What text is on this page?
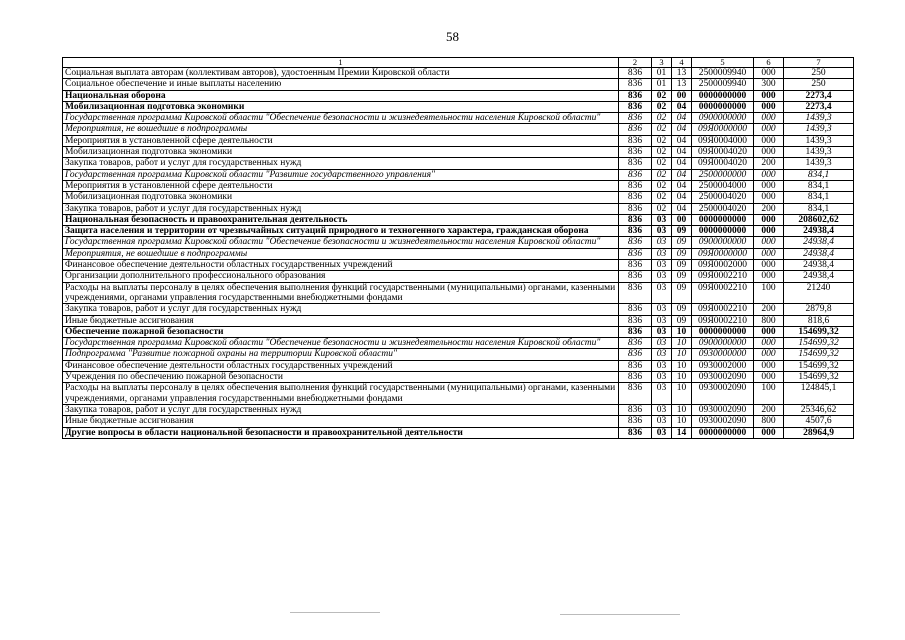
58
1	2	3	4	5	6	7
Социальная выплата авторам (коллективам авторов), удостоенным Премии Кировской области	836	01	13	2500009940	000	250
Социальное обеспечение и иные выплаты населению	836	01	13	2500009940	300	250
Национальная оборона	836	02	00	0000000000	000	2273,4
Мобилизационная подготовка экономики	836	02	04	0000000000	000	2273,4
Государственная программа Кировской области "Обеспечение безопасности и жизнедеятельности населения Кировской области"	836	02	04	0900000000	000	1439,3
Мероприятия, не вошедшие в подпрограммы	836	02	04	09Я0000000	000	1439,3
Мероприятия в установленной сфере деятельности	836	02	04	09Я0004000	000	1439,3
Мобилизационная подготовка экономики	836	02	04	09Я0004020	000	1439,3
Закупка товаров, работ и услуг для государственных нужд	836	02	04	09Я0004020	200	1439,3
Государственная программа Кировской области "Развитие государственного управления"	836	02	04	2500000000	000	834,1
Мероприятия в установленной сфере деятельности	836	02	04	2500004000	000	834,1
Мобилизационная подготовка экономики	836	02	04	2500004020	000	834,1
Закупка товаров, работ и услуг для государственных нужд	836	02	04	2500004020	200	834,1
Национальная безопасность и правоохранительная деятельность	836	03	00	0000000000	000	208602,62
Защита населения и территории от чрезвычайных ситуаций природного и техногенного характера, гражданская оборона	836	03	09	0000000000	000	24938,4
Государственная программа Кировской области "Обеспечение безопасности и жизнедеятельности населения Кировской области"	836	03	09	0900000000	000	24938,4
Мероприятия, не вошедшие в подпрограммы	836	03	09	09Я0000000	000	24938,4
Финансовое обеспечение деятельности областных государственных учреждений	836	03	09	09Я0002000	000	24938,4
Организации дополнительного профессионального образования	836	03	09	09Я0002210	000	24938,4
Расходы на выплаты персоналу в целях обеспечения выполнения функций государственными (муниципальными) органами, казенными учреждениями, органами управления государственными внебюджетными фондами	836	03	09	09Я0002210	100	21240
Закупка товаров, работ и услуг для государственных нужд	836	03	09	09Я0002210	200	2879,8
Иные бюджетные ассигнования	836	03	09	09Я0002210	800	818,6
Обеспечение пожарной безопасности	836	03	10	0000000000	000	154699,32
Государственная программа Кировской области "Обеспечение безопасности и жизнедеятельности населения Кировской области"	836	03	10	0900000000	000	154699,32
Подпрограмма "Развитие пожарной охраны на территории Кировской области"	836	03	10	0930000000	000	154699,32
Финансовое обеспечение деятельности областных государственных учреждений	836	03	10	0930002000	000	154699,32
Учреждения по обеспечению пожарной безопасности	836	03	10	0930002090	000	154699,32
Расходы на выплаты персоналу в целях обеспечения выполнения функций государственными (муниципальными) органами, казенными учреждениями, органами управления государственными внебюджетными фондами	836	03	10	0930002090	100	124845,1
Закупка товаров, работ и услуг для государственных нужд	836	03	10	0930002090	200	25346,62
Иные бюджетные ассигнования	836	03	10	0930002090	800	4507,6
Другие вопросы в области национальной безопасности и правоохранительной деятельности	836	03	14	0000000000	000	28964,9
